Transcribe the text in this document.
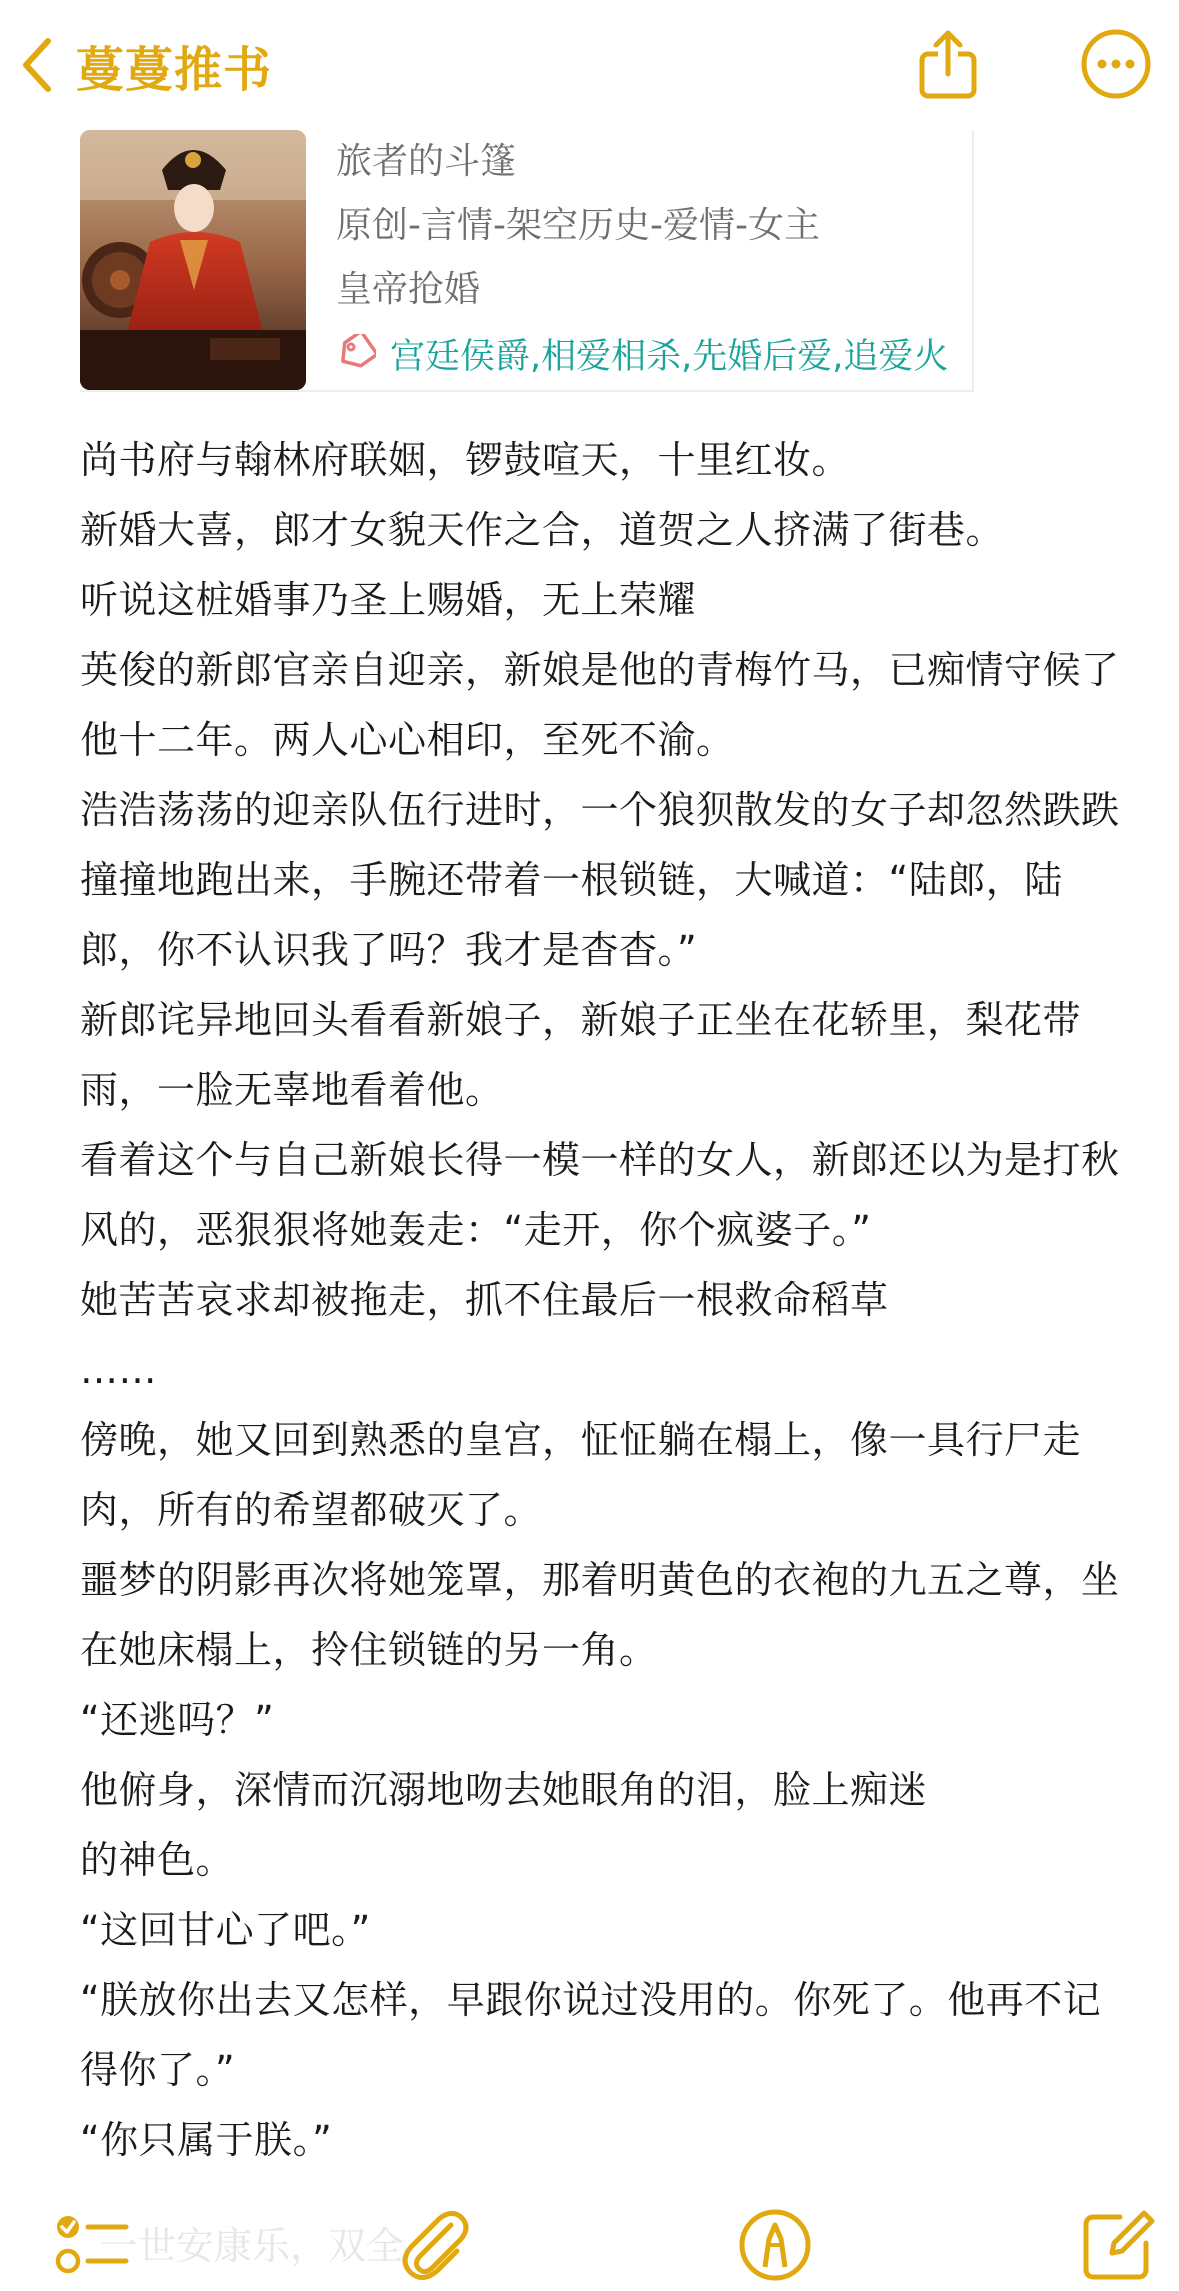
蔓蔓推书
旅者的斗篷
原创-言情-架空历史-爱情-女主
皇帝抢婚
宫廷侯爵,相爱相杀,先婚后爱,追爱火

尚书府与翰林府联姻，锣鼓喧天，十里红妆。

新婚大喜，郎才女貌天作之合，道贺之人挤满了街巷。

听说这桩婚事乃圣上赐婚，无上荣耀

英俊的新郎官亲自迎亲，新娘是他的青梅竹马，已痴情守候了他十二年。两人心心相印，至死不渝。

浩浩荡荡的迎亲队伍行进时，一个狼狈散发的女子却忽然跌跌撞撞地跑出来，手腕还带着一根锁链，大喊道：“陆郎，陆郎，你不认识我了吗？我才是杳杳。”

新郎诧异地回头看看新娘子，新娘子正坐在花轿里，梨花带雨，一脸无辜地看着他。

看着这个与自己新娘长得一模一样的女人，新郎还以为是打秋风的，恶狠狠将她轰走：“走开，你个疯婆子。”

她苦苦哀求却被拖走，抓不住最后一根救命稻草

……

傍晚，她又回到熟悉的皇宫，怔怔躺在榻上，像一具行尸走肉，所有的希望都破灭了。

噩梦的阴影再次将她笼罩，那着明黄色的衣袍的九五之尊，坐在她床榻上，拎住锁链的另一角。

“还逃吗？”

他俯身，深情而沉溺地吻去她眼角的泪，脸上痴迷
的神色。

“这回甘心了吧。”

“朕放你出去又怎样，早跟你说过没用的。你死了。他再不记得你了。”

“你只属于朕。”

一世安康乐，双全
